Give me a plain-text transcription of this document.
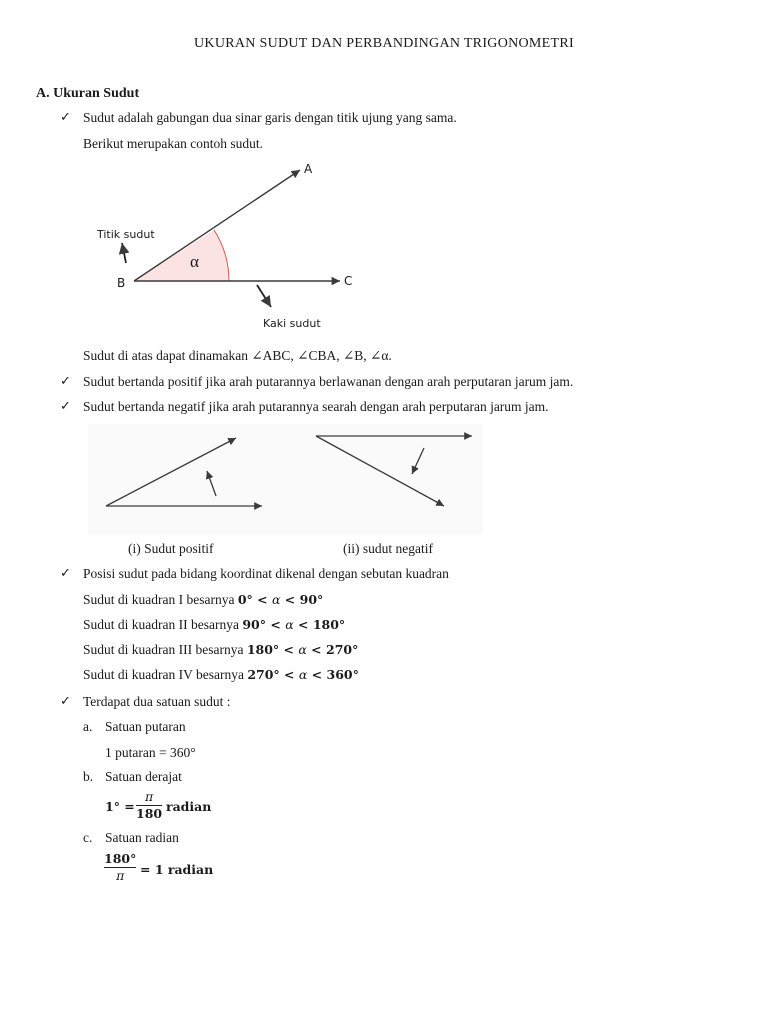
UKURAN SUDUT DAN PERBANDINGAN TRIGONOMETRI
A. Ukuran Sudut
✓ Sudut adalah gabungan dua sinar garis dengan titik ujung yang sama.
Berikut merupakan contoh sudut.
A
B	C
α
Titik sudut
Kaki sudut
Sudut di atas dapat dinamakan ∠ABC, ∠CBA, ∠B, ∠α.
✓ Sudut bertanda positif jika arah putarannya berlawanan dengan arah perputaran jarum jam.
✓ Sudut bertanda negatif jika arah putarannya searah dengan arah perputaran jarum jam.
(i) Sudut positif	(ii) sudut negatif
✓ Posisi sudut pada bidang koordinat dikenal dengan sebutan kuadran
Sudut di kuadran I besarnya 0° < α < 90°
Sudut di kuadran II besarnya 90° < α < 180°
Sudut di kuadran III besarnya 180° < α < 270°
Sudut di kuadran IV besarnya 270° < α < 360°
✓ Terdapat dua satuan sudut :
a. Satuan putaran
1 putaran = 360°
b. Satuan derajat
1° =
π
180 radian
c. Satuan radian
180°
π = 1 radian
